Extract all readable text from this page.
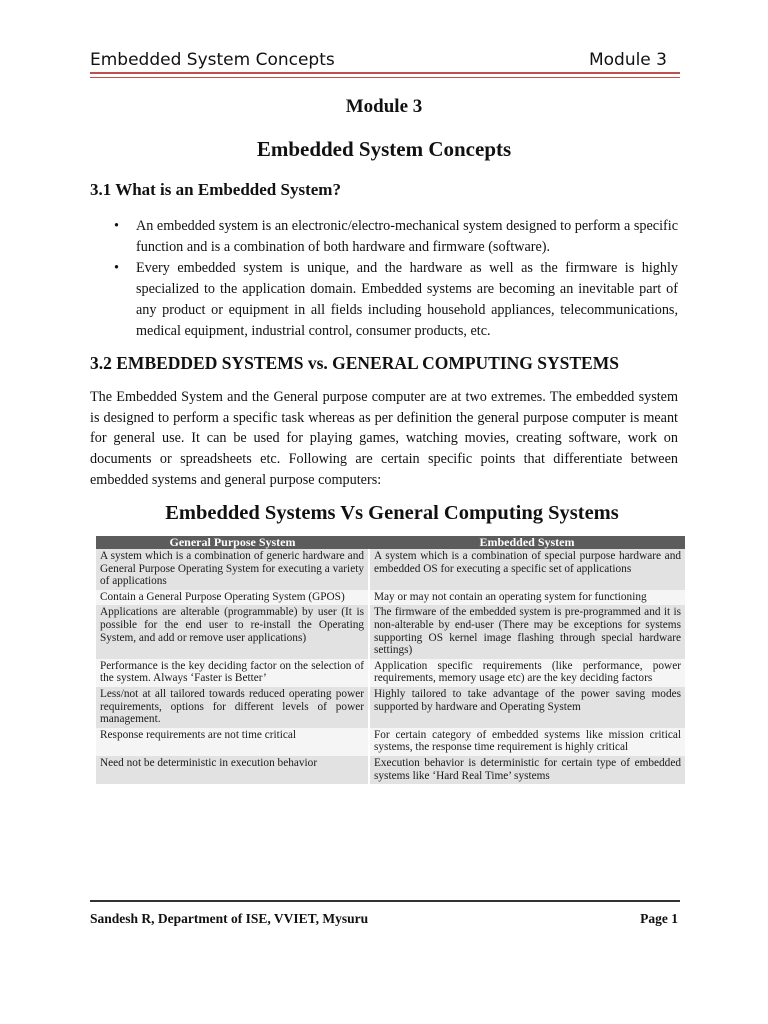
Embedded System Concepts	Module 3
Module 3
Embedded System Concepts
3.1 What is an Embedded System?
• An embedded system is an electronic/electro-mechanical system designed to perform a specific function and is a combination of both hardware and firmware (software).
• Every embedded system is unique, and the hardware as well as the firmware is highly specialized to the application domain. Embedded systems are becoming an inevitable part of any product or equipment in all fields including household appliances, telecommunications, medical equipment, industrial control, consumer products, etc.
3.2 EMBEDDED SYSTEMS vs. GENERAL COMPUTING SYSTEMS

The Embedded System and the General purpose computer are at two extremes. The embedded system is designed to perform a specific task whereas as per definition the general purpose computer is meant for general use. It can be used for playing games, watching movies, creating software, work on documents or spreadsheets etc. Following are certain specific points that differentiate between embedded systems and general purpose computers:

Embedded Systems Vs General Computing Systems
General Purpose System	Embedded System
A system which is a combination of generic hardware and General Purpose Operating System for executing a variety of applications	A system which is a combination of special purpose hardware and embedded OS for executing a specific set of applications
Contain a General Purpose Operating System (GPOS)	May or may not contain an operating system for functioning
Applications are alterable (programmable) by user (It is possible for the end user to re-install the Operating System, and add or remove user applications)	The firmware of the embedded system is pre-programmed and it is non-alterable by end-user (There may be exceptions for systems supporting OS kernel image flashing through special hardware settings)
Performance is the key deciding factor on the selection of the system. Always ‘Faster is Better’	Application specific requirements (like performance, power requirements, memory usage etc) are the key deciding factors
Less/not at all tailored towards reduced operating power requirements, options for different levels of power management.	Highly tailored to take advantage of the power saving modes supported by hardware and Operating System
Response requirements are not time critical	For certain category of embedded systems like mission critical systems, the response time requirement is highly critical
Need not be deterministic in execution behavior	Execution behavior is deterministic for certain type of embedded systems like ‘Hard Real Time’ systems
Sandesh R, Department of ISE, VVIET, Mysuru	Page 1
